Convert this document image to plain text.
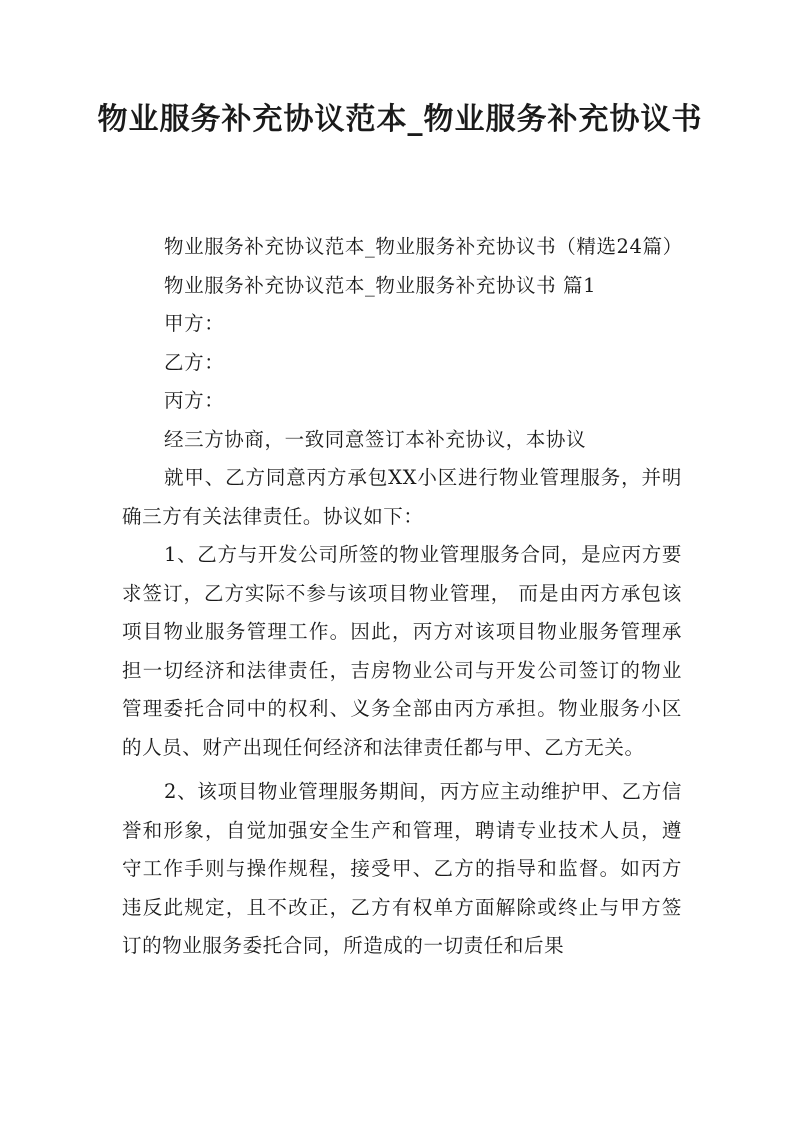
物业服务补充协议范本_物业服务补充协议书

物业服务补充协议范本_物业服务补充协议书（精选24篇）

物业服务补充协议范本_物业服务补充协议书 篇1

甲方：

乙方：

丙方：

经三方协商，一致同意签订本补充协议，本协议

就甲、乙方同意丙方承包XX小区进行物业管理服务，并明确三方有关法律责任。协议如下：

1、乙方与开发公司所签的物业管理服务合同，是应丙方要求签订，乙方实际不参与该项目物业管理， 而是由丙方承包该项目物业服务管理工作。因此，丙方对该项目物业服务管理承担一切经济和法律责任，吉房物业公司与开发公司签订的物业管理委托合同中的权利、义务全部由丙方承担。物业服务小区的人员、财产出现任何经济和法律责任都与甲、乙方无关。

2、该项目物业管理服务期间，丙方应主动维护甲、乙方信誉和形象，自觉加强安全生产和管理，聘请专业技术人员，遵守工作手则与操作规程，接受甲、乙方的指导和监督。如丙方违反此规定，且不改正，乙方有权单方面解除或终止与甲方签订的物业服务委托合同，所造成的一切责任和后果
